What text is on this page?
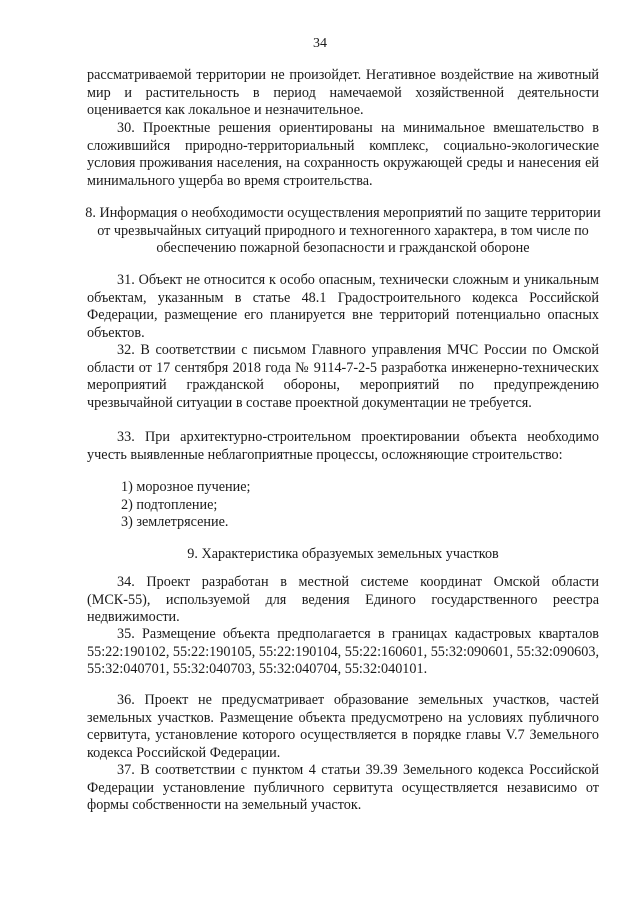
34

рассматриваемой территории не произойдет. Негативное воздействие на животный мир и растительность в период намечаемой хозяйственной деятельности оценивается как локальное и незначительное.

30. Проектные решения ориентированы на минимальное вмешательство в сложившийся природно-территориальный комплекс, социально-экологические условия проживания населения, на сохранность окружающей среды и нанесения ей минимального ущерба во время строительства.

8. Информация о необходимости осуществления мероприятий по защите территории от чрезвычайных ситуаций природного и техногенного характера, в том числе по обеспечению пожарной безопасности и гражданской обороне

31. Объект не относится к особо опасным, технически сложным и уникальным объектам, указанным в статье 48.1 Градостроительного кодекса Российской Федерации, размещение его планируется вне территорий потенциально опасных объектов.

32. В соответствии с письмом Главного управления МЧС России по Омской области от 17 сентября 2018 года № 9114-7-2-5 разработка инженерно-технических мероприятий гражданской обороны, мероприятий по предупреждению чрезвычайной ситуации в составе проектной документации не требуется.

33. При архитектурно-строительном проектировании объекта необходимо учесть выявленные неблагоприятные процессы, осложняющие строительство:

1) морозное пучение;
2) подтопление;
3) землетрясение.

9. Характеристика образуемых земельных участков

34. Проект разработан в местной системе координат Омской области (МСК-55), используемой для ведения Единого государственного реестра недвижимости.

35. Размещение объекта предполагается в границах кадастровых кварталов 55:22:190102, 55:22:190105, 55:22:190104, 55:22:160601, 55:32:090601, 55:32:090603, 55:32:040701, 55:32:040703, 55:32:040704, 55:32:040101.

36. Проект не предусматривает образование земельных участков, частей земельных участков. Размещение объекта предусмотрено на условиях публичного сервитута, установление которого осуществляется в порядке главы V.7 Земельного кодекса Российской Федерации.

37. В соответствии с пунктом 4 статьи 39.39 Земельного кодекса Российской Федерации установление публичного сервитута осуществляется независимо от формы собственности на земельный участок.
